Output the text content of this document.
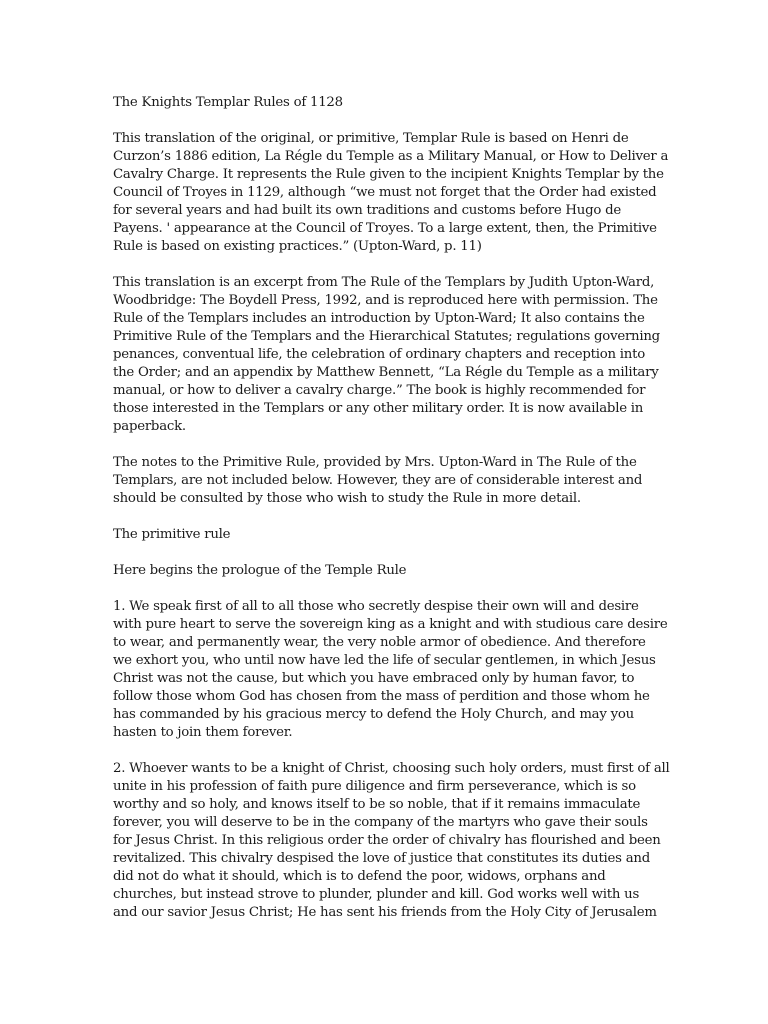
The Knights Templar Rules of 1128
This translation of the original, or primitive, Templar Rule is based on Henri de
Curzon’s 1886 edition, La Régle du Temple as a Military Manual, or How to Deliver a
Cavalry Charge. It represents the Rule given to the incipient Knights Templar by the
Council of Troyes in 1129, although “we must not forget that the Order had existed
for several years and had built its own traditions and customs before Hugo de
Payens. ' appearance at the Council of Troyes. To a large extent, then, the Primitive
Rule is based on existing practices.” (Upton-Ward, p. 11)
This translation is an excerpt from The Rule of the Templars by Judith Upton-Ward,
Woodbridge: The Boydell Press, 1992, and is reproduced here with permission. The
Rule of the Templars includes an introduction by Upton-Ward; It also contains the
Primitive Rule of the Templars and the Hierarchical Statutes; regulations governing
penances, conventual life, the celebration of ordinary chapters and reception into
the Order; and an appendix by Matthew Bennett, “La Régle du Temple as a military
manual, or how to deliver a cavalry charge.” The book is highly recommended for
those interested in the Templars or any other military order. It is now available in
paperback.
The notes to the Primitive Rule, provided by Mrs. Upton-Ward in The Rule of the
Templars, are not included below. However, they are of considerable interest and
should be consulted by those who wish to study the Rule in more detail.
The primitive rule
Here begins the prologue of the Temple Rule
1. We speak first of all to all those who secretly despise their own will and desire
with pure heart to serve the sovereign king as a knight and with studious care desire
to wear, and permanently wear, the very noble armor of obedience. And therefore
we exhort you, who until now have led the life of secular gentlemen, in which Jesus
Christ was not the cause, but which you have embraced only by human favor, to
follow those whom God has chosen from the mass of perdition and those whom he
has commanded by his gracious mercy to defend the Holy Church, and may you
hasten to join them forever.
2. Whoever wants to be a knight of Christ, choosing such holy orders, must first of all
unite in his profession of faith pure diligence and firm perseverance, which is so
worthy and so holy, and knows itself to be so noble, that if it remains immaculate
forever, you will deserve to be in the company of the martyrs who gave their souls
for Jesus Christ. In this religious order the order of chivalry has flourished and been
revitalized. This chivalry despised the love of justice that constitutes its duties and
did not do what it should, which is to defend the poor, widows, orphans and
churches, but instead strove to plunder, plunder and kill. God works well with us
and our savior Jesus Christ; He has sent his friends from the Holy City of Jerusalem
